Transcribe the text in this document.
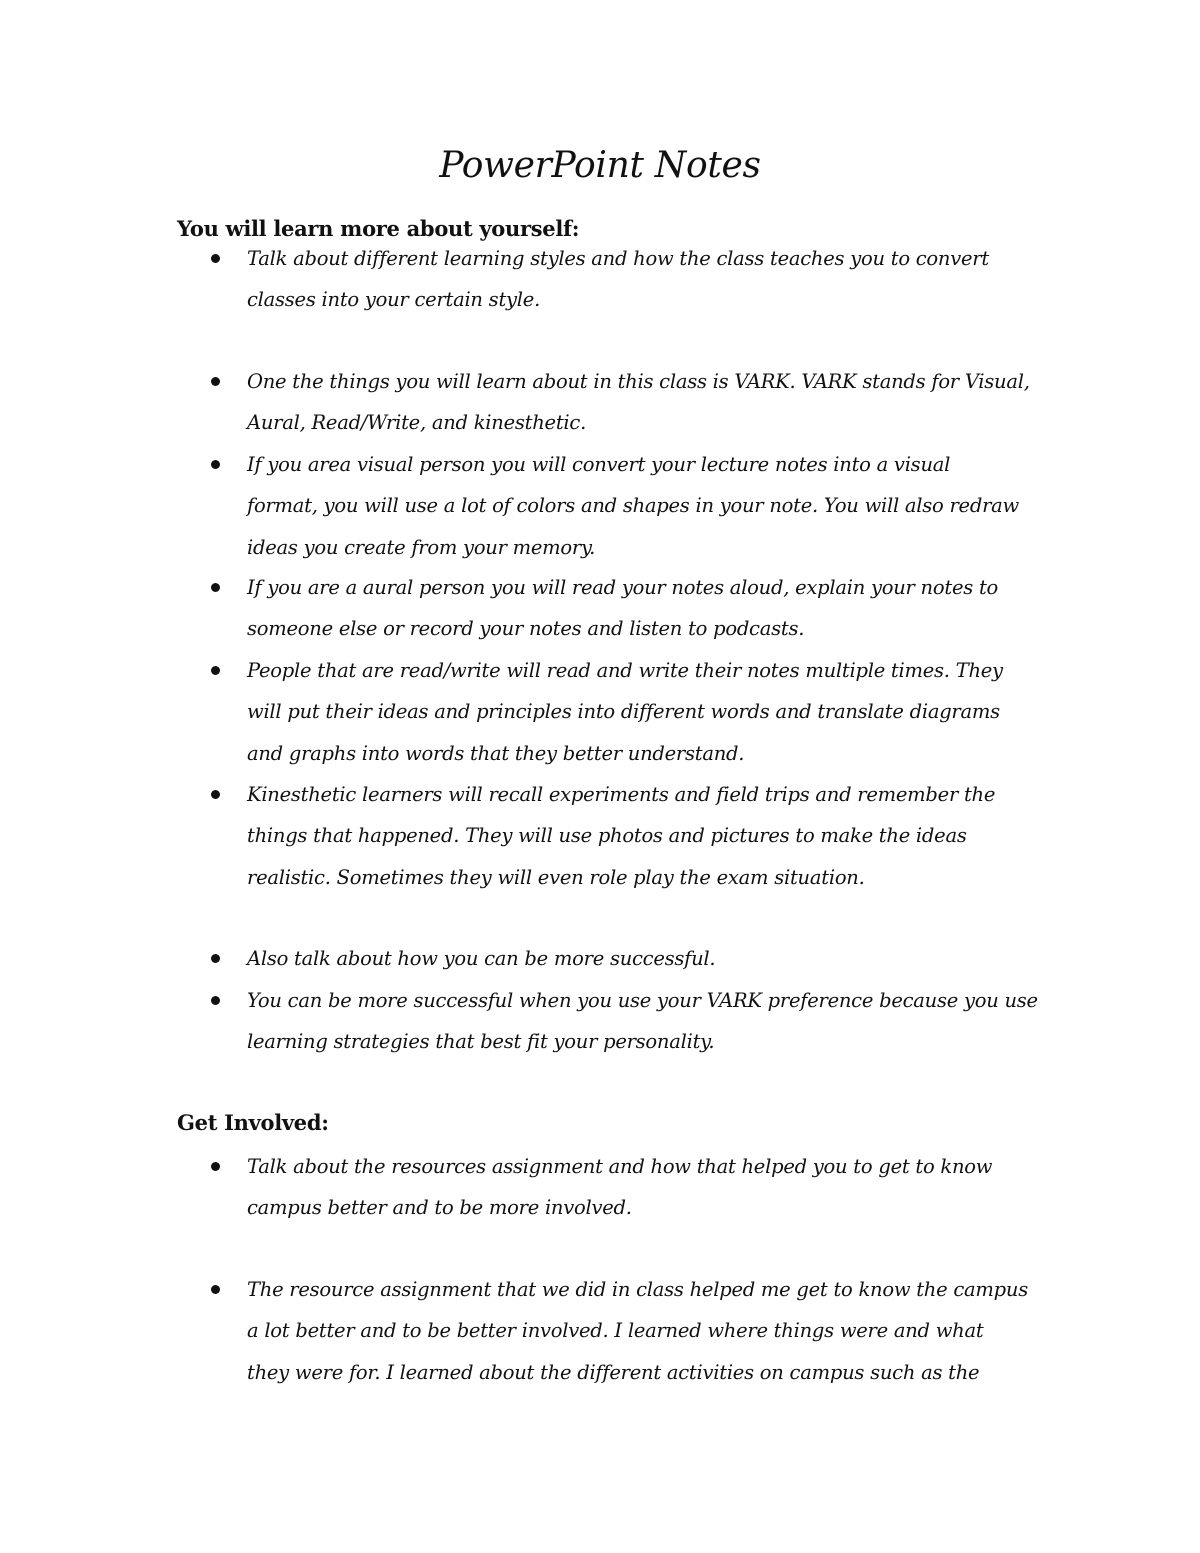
PowerPoint Notes
You will learn more about yourself:
Talk about different learning styles and how the class teaches you to convert
classes into your certain style.
One the things you will learn about in this class is VARK. VARK stands for Visual,
Aural, Read/Write, and kinesthetic.
If you area visual person you will convert your lecture notes into a visual
format, you will use a lot of colors and shapes in your note. You will also redraw
ideas you create from your memory.
If you are a aural person you will read your notes aloud, explain your notes to
someone else or record your notes and listen to podcasts.
People that are read/write will read and write their notes multiple times. They
will put their ideas and principles into different words and translate diagrams
and graphs into words that they better understand.
Kinesthetic learners will recall experiments and field trips and remember the
things that happened. They will use photos and pictures to make the ideas
realistic. Sometimes they will even role play the exam situation.
Also talk about how you can be more successful.
You can be more successful when you use your VARK preference because you use
learning strategies that best fit your personality.
Get Involved:
Talk about the resources assignment and how that helped you to get to know
campus better and to be more involved.
The resource assignment that we did in class helped me get to know the campus
a lot better and to be better involved. I learned where things were and what
they were for. I learned about the different activities on campus such as the
